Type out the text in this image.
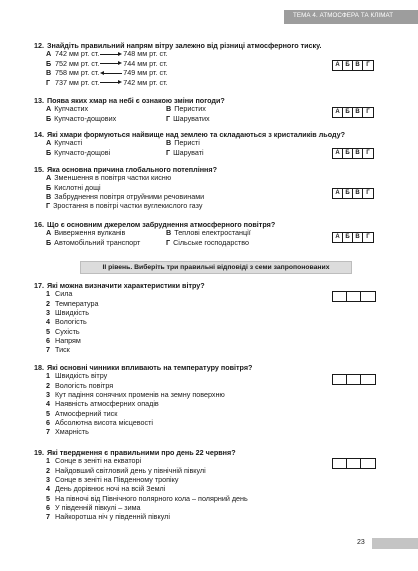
ТЕМА 4. АТМОСФЕРА ТА КЛІМАТ
12. Знайдіть правильний напрям вітру залежно від різниці атмосферного тиску.
А 742 мм рт. ст.	748 мм рт. ст.
Б 752 мм рт. ст.	744 мм рт. ст.
В 758 мм рт. ст.	749 мм рт. ст.
Г 737 мм рт. ст.	742 мм рт. ст.
А Б В	Г
13. Поява яких хмар на небі є ознакою зміни погоди?
А Купчастих	В Перистих
Б Купчасто-дощових	Г Шаруватих
А Б В	Г
14. Які хмари формуються найвище над землею та складаються з кристаликів льоду?
А Купчасті	В Перисті
Б Купчасто-дощові	Г Шаруваті	А Б В	Г
15. Яка основна причина глобального потепління?
А Зменшення в повітря частки кисню
Б Кислотні дощі
В Забруднення повітря отруйними речовинами
Г Зростання в повітрі частки вуглекислого газу
А Б В	Г
16. Що є основним джерелом забруднення атмосферного повітря?
А Виверження вулканів	В Теплові електростанції
Б Автомобільний транспорт	Г Сільське господарство
А Б В	Г
II рівень. Виберіть три правильні відповіді з семи запропонованих
17. Які можна визначити характеристики вітру?
1 Сила
2 Температура
3 Швидкість
4 Вологість
5 Сухість
6 Напрям
7 Тиск
18. Які основні чинники впливають на температуру повітря?
1 Швидкість вітру
2 Вологість повітря
3 Кут падіння сонячних променів на земну поверхню
4 Наявність атмосферних опадів
5 Атмосферний тиск
6 Абсолютна висота місцевості
7 Хмарність
19. Які твердження є правильними про день 22 червня?
1 Сонце в зеніті на екваторі
2 Найдовший світловий день у північній півкулі
3 Сонце в зеніті на Південному тропіку
4 День дорівнює ночі на всій Землі
5 На півночі від Північного полярного кола – полярний день
6 У південній півкулі – зима
7 Найкоротша ніч у південній півкулі
23
